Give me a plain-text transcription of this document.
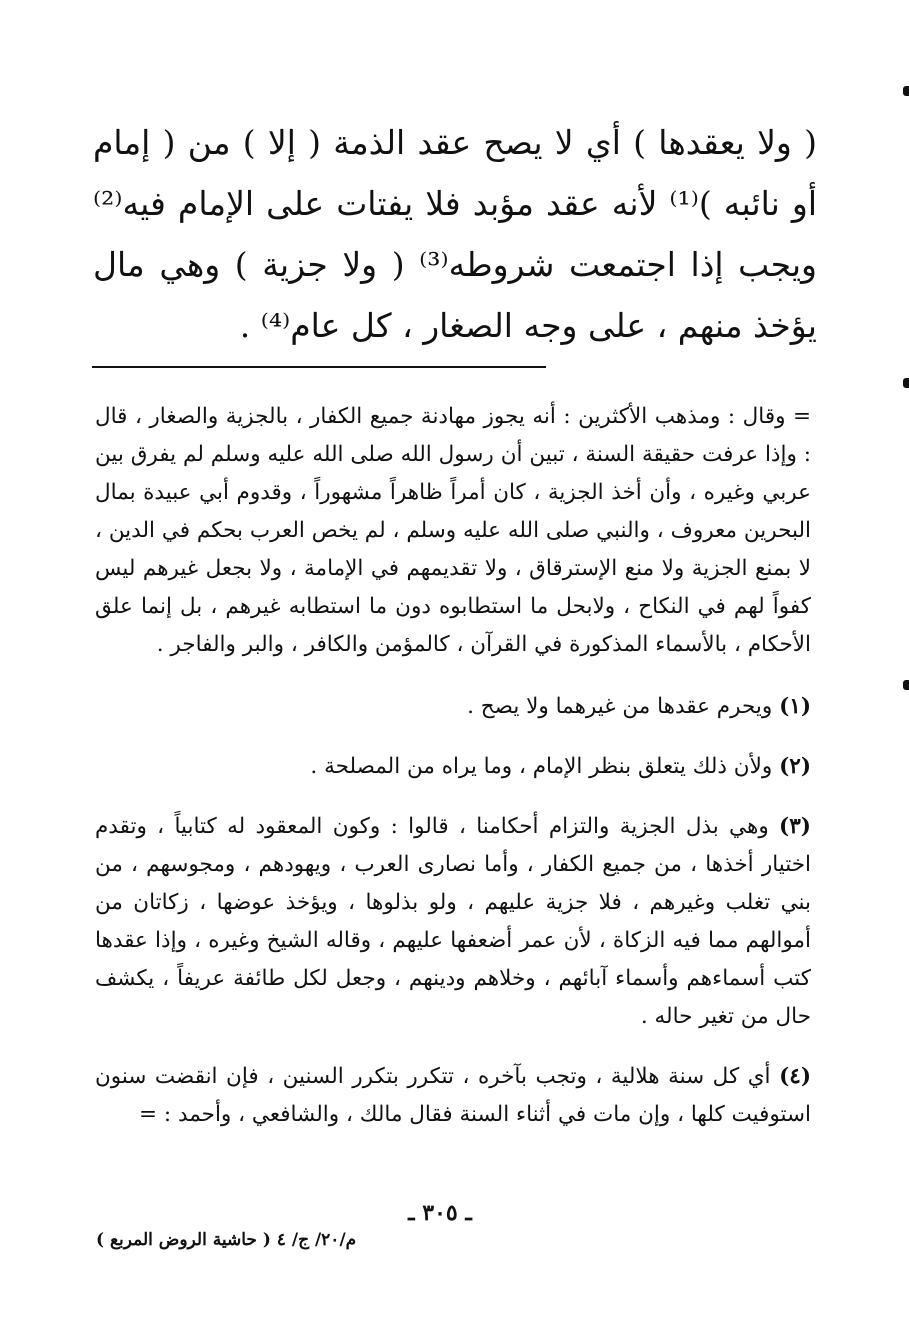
( ولا يعقدها ) أي لا يصح عقد الذمة ( إلا ) من ( إمام أو نائبه )⁽¹⁾ لأنه عقد مؤبد فلا يفتات على الإمام فيه⁽²⁾ ويجب إذا اجتمعت شروطه⁽³⁾ ( ولا جزية ) وهي مال يؤخذ منهم ، على وجه الصغار ، كل عام⁽⁴⁾ .

= وقال : ومذهب الأكثرين : أنه يجوز مهادنة جميع الكفار ، بالجزية والصغار ، قال : وإذا عرفت حقيقة السنة ، تبين أن رسول الله صلى الله عليه وسلم لم يفرق بين عربي وغيره ، وأن أخذ الجزية ، كان أمراً ظاهراً مشهوراً ، وقدوم أبي عبيدة بمال البحرين معروف ، والنبي صلى الله عليه وسلم ، لم يخص العرب بحكم في الدين ، لا بمنع الجزية ولا منع الإسترقاق ، ولا تقديمهم في الإمامة ، ولا بجعل غيرهم ليس كفواً لهم في النكاح ، ولابحل ما استطابوه دون ما استطابه غيرهم ، بل إنما علق الأحكام ، بالأسماء المذكورة في القرآن ، كالمؤمن والكافر ، والبر والفاجر .

(١) ويحرم عقدها من غيرهما ولا يصح .

(٢) ولأن ذلك يتعلق بنظر الإمام ، وما يراه من المصلحة .

(٣) وهي بذل الجزية والتزام أحكامنا ، قالوا : وكون المعقود له كتابياً ، وتقدم اختيار أخذها ، من جميع الكفار ، وأما نصارى العرب ، ويهودهم ، ومجوسهم ، من بني تغلب وغيرهم ، فلا جزية عليهم ، ولو بذلوها ، ويؤخذ عوضها ، زكاتان من أموالهم مما فيه الزكاة ، لأن عمر أضعفها عليهم ، وقاله الشيخ وغيره ، وإذا عقدها كتب أسماءهم وأسماء آبائهم ، وخلاهم ودينهم ، وجعل لكل طائفة عريفاً ، يكشف حال من تغير حاله .

(٤) أي كل سنة هلالية ، وتجب بآخره ، تتكرر بتكرر السنين ، فإن انقضت سنون استوفيت كلها ، وإن مات في أثناء السنة فقال مالك ، والشافعي ، وأحمد : =

ـ ٣٠٥ ـ
م/٢٠/ ج/ ٤ ( حاشية الروض المربع )
